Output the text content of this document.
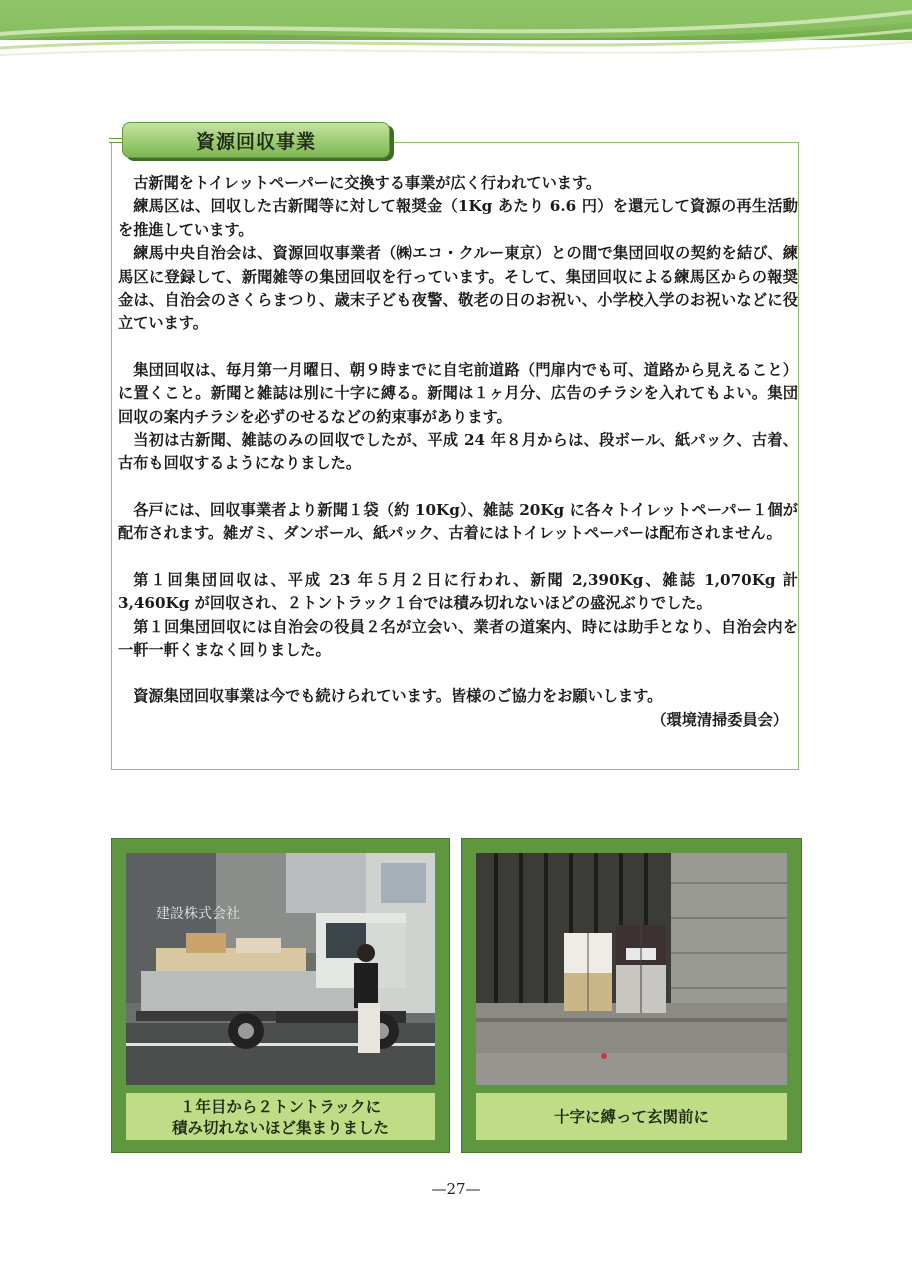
資源回収事業

古新聞をトイレットペーパーに交換する事業が広く行われています。

練馬区は、回収した古新聞等に対して報奨金（1Kg あたり 6.6 円）を還元して資源の再生活動を推進しています。

練馬中央自治会は、資源回収事業者（㈱エコ・クルー東京）との間で集団回収の契約を結び、練馬区に登録して、新聞雑等の集団回収を行っています。そして、集団回収による練馬区からの報奨金は、自治会のさくらまつり、歳末子ども夜警、敬老の日のお祝い、小学校入学のお祝いなどに役立ています。

集団回収は、毎月第一月曜日、朝９時までに自宅前道路（門扉内でも可、道路から見えること）に置くこと。新聞と雑誌は別に十字に縛る。新聞は１ヶ月分、広告のチラシを入れてもよい。集団回収の案内チラシを必ずのせるなどの約束事があります。

当初は古新聞、雑誌のみの回収でしたが、平成 24 年８月からは、段ボール、紙パック、古着、古布も回収するようになりました。

各戸には、回収事業者より新聞１袋（約 10Kg）、雑誌 20Kg に各々トイレットペーパー１個が配布されます。雑ガミ、ダンボール、紙パック、古着にはトイレットペーパーは配布されません。

第１回集団回収は、平成 23 年５月２日に行われ、新聞 2,390Kg、雑誌 1,070Kg 計 3,460Kg が回収され、２トントラック１台では積み切れないほどの盛況ぶりでした。

第１回集団回収には自治会の役員２名が立会い、業者の道案内、時には助手となり、自治会内を一軒一軒くまなく回りました。

資源集団回収事業は今でも続けられています。皆様のご協力をお願いします。

（環境清掃委員会）

建設株式会社
１年目から２トントラックに
積み切れないほど集まりました
十字に縛って玄関前に
—27—
